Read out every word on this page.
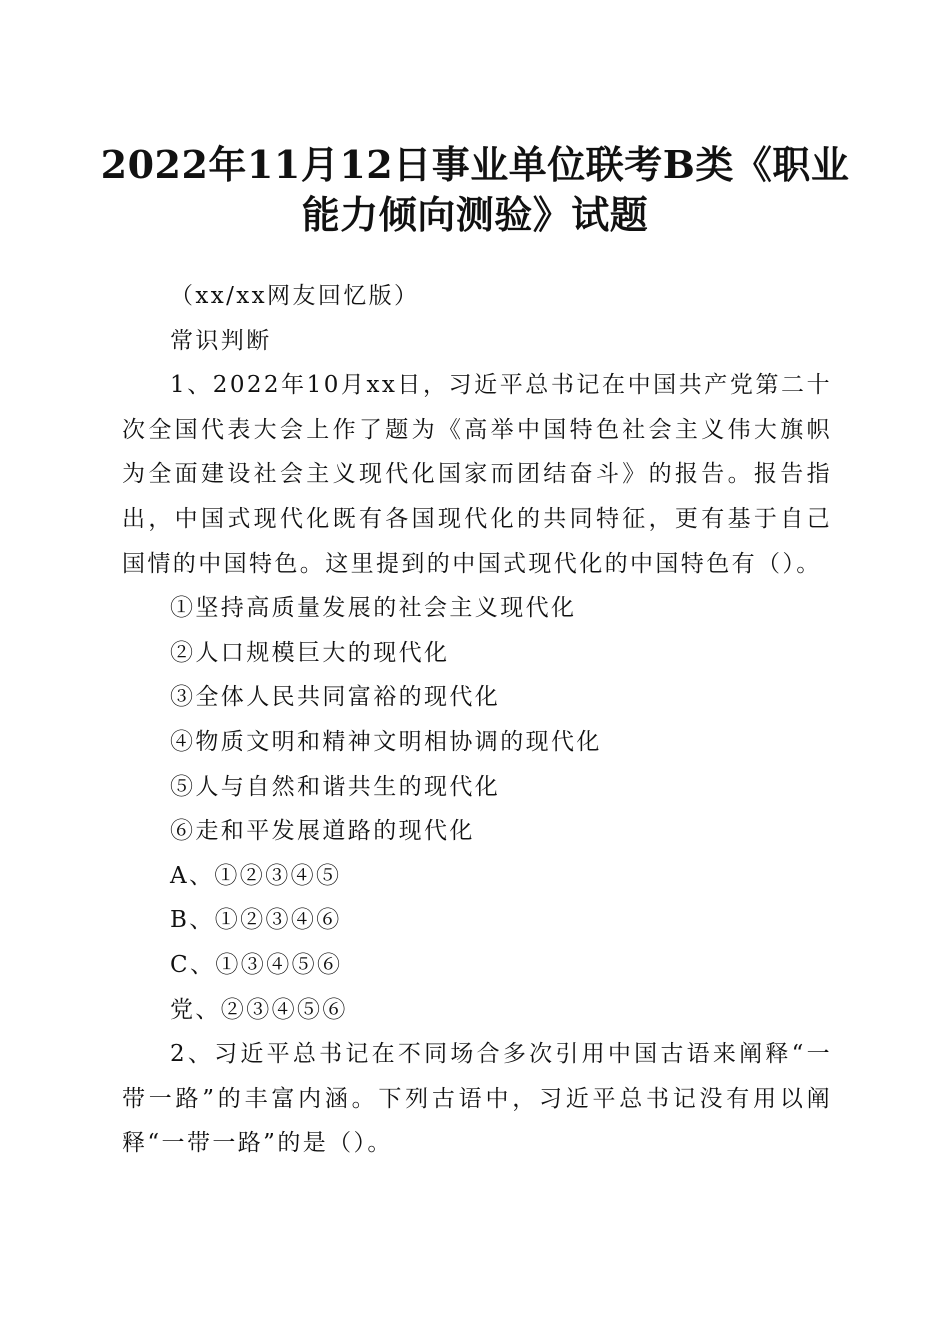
2022年11月12日事业单位联考B类《职业能力倾向测验》试题

（xx/xx网友回忆版）

常识判断

1、2022年10月xx日，习近平总书记在中国共产党第二十次全国代表大会上作了题为《高举中国特色社会主义伟大旗帜为全面建设社会主义现代化国家而团结奋斗》的报告。报告指出，中国式现代化既有各国现代化的共同特征，更有基于自己国情的中国特色。这里提到的中国式现代化的中国特色有（）。

①坚持高质量发展的社会主义现代化

②人口规模巨大的现代化

③全体人民共同富裕的现代化

④物质文明和精神文明相协调的现代化

⑤人与自然和谐共生的现代化

⑥走和平发展道路的现代化

A、①②③④⑤

B、①②③④⑥

C、①③④⑤⑥

党、②③④⑤⑥

2、习近平总书记在不同场合多次引用中国古语来阐释“一带一路”的丰富内涵。下列古语中，习近平总书记没有用以阐释“一带一路”的是（）。
